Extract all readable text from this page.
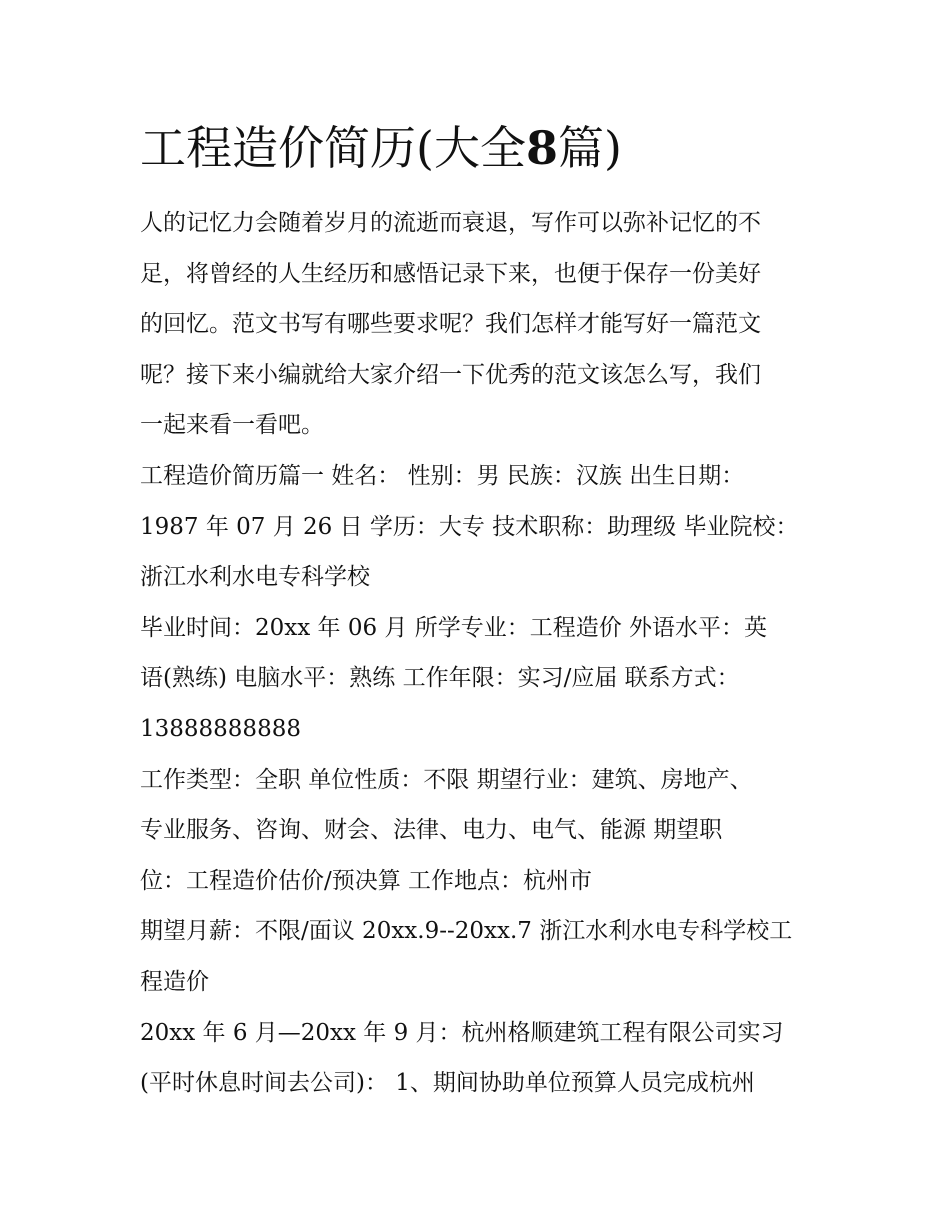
工程造价简历(大全8篇)
人的记忆力会随着岁月的流逝而衰退，写作可以弥补记忆的不
足，将曾经的人生经历和感悟记录下来，也便于保存一份美好
的回忆。范文书写有哪些要求呢？我们怎样才能写好一篇范文
呢？接下来小编就给大家介绍一下优秀的范文该怎么写，我们
一起来看一看吧。
工程造价简历篇一 姓名： 性别：男 民族：汉族 出生日期：
1987 年 07 月 26 日 学历：大专 技术职称：助理级 毕业院校：
浙江水利水电专科学校
毕业时间：20xx 年 06 月 所学专业：工程造价 外语水平：英
语(熟练) 电脑水平：熟练 工作年限：实习/应届 联系方式：
13888888888
工作类型：全职 单位性质：不限 期望行业：建筑、房地产、
专业服务、咨询、财会、法律、电力、电气、能源 期望职
位：工程造价估价/预决算 工作地点：杭州市
期望月薪：不限/面议 20xx.9--20xx.7 浙江水利水电专科学校工
程造价
20xx 年 6 月—20xx 年 9 月：杭州格顺建筑工程有限公司实习
(平时休息时间去公司)： 1、期间协助单位预算人员完成杭州
